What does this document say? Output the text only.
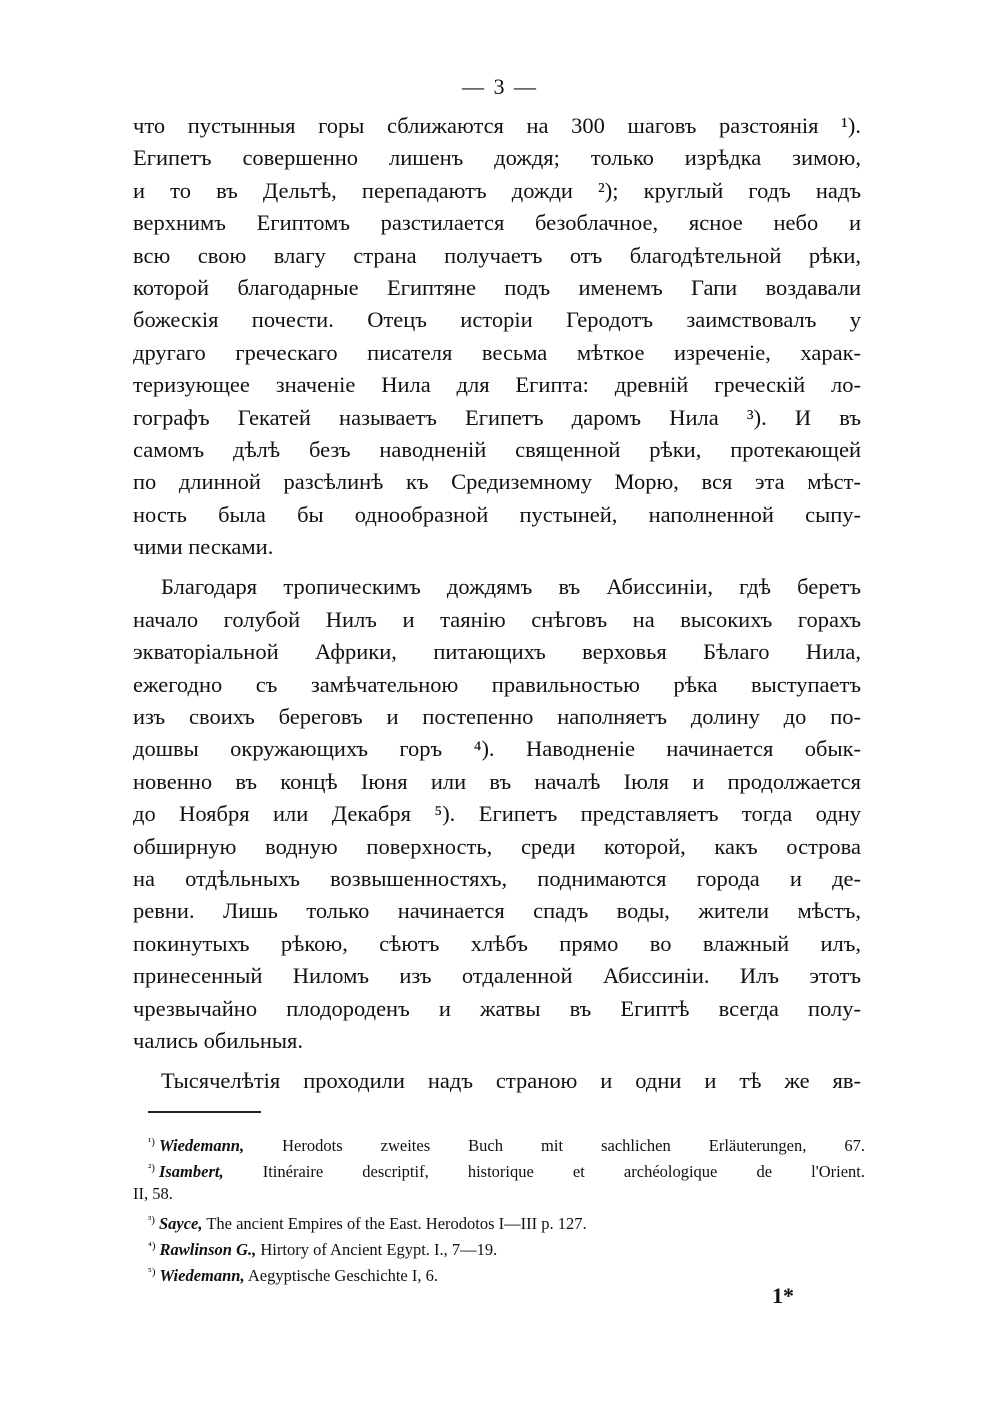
— 3 —

что пустынныя горы сближаются на 300 шаговъ разстоянія ¹).
Египетъ совершенно лишенъ дождя; только изрѣдка зимою,
и то въ Дельтѣ, перепадаютъ дожди ²); круглый годъ надъ
верхнимъ Египтомъ разстилается безоблачное, ясное небо и
всю свою влагу страна получаетъ отъ благодѣтельной рѣки,
которой благодарные Египтяне подъ именемъ Гапи воздавали
божескія почести. Отецъ исторіи Геродотъ заимствовалъ у
другаго греческаго писателя весьма мѣткое изреченіе, харак-
теризующее значеніе Нила для Египта: древній греческій ло-
гографъ Гекатей называетъ Египетъ даромъ Нила ³). И въ
самомъ дѣлѣ безъ наводненій священной рѣки, протекающей
по длинной разсѣлинѣ къ Средиземному Морю, вся эта мѣст-
ность была бы однообразной пустыней, наполненной сыпу-
чими песками.

Благодаря тропическимъ дождямъ въ Абиссиніи, гдѣ беретъ
начало голубой Нилъ и таянію снѣговъ на высокихъ горахъ
экваторіальной Африки, питающихъ верховья Бѣлаго Нила,
ежегодно съ замѣчательною правильностью рѣка выступаетъ
изъ своихъ береговъ и постепенно наполняетъ долину до по-
дошвы окружающихъ горъ ⁴). Наводненіе начинается обык-
новенно въ концѣ Іюня или въ началѣ Іюля и продолжается
до Ноября или Декабря ⁵). Египетъ представляетъ тогда одну
обширную водную поверхность, среди которой, какъ острова
на отдѣльныхъ возвышенностяхъ, поднимаются города и де-
ревни. Лишь только начинается спадъ воды, жители мѣстъ,
покинутыхъ рѣкою, сѣютъ хлѣбъ прямо во влажный илъ,
принесенный Ниломъ изъ отдаленной Абиссиніи. Илъ этотъ
чрезвычайно плодороденъ и жатвы въ Египтѣ всегда полу-
чались обильныя.

Тысячелѣтія проходили надъ страною и одни и тѣ же яв-

$^{^1)}$ Wiedemann, Herodots zweites Buch mit sachlichen Erläuterungen, 67.
$^{^2)}$ Isambert, Itinéraire descriptif, historique et archéologique de l'Orient.
II, 58.
$^{^3)}$ Sayce, The ancient Empires of the East. Herodotos I—III p. 127.
$^{^4)}$ Rawlinson G., Hirtory of Ancient Egypt. I., 7—19.
$^{^5)}$ Wiedemann, Aegyptische Geschichte I, 6.
1*
